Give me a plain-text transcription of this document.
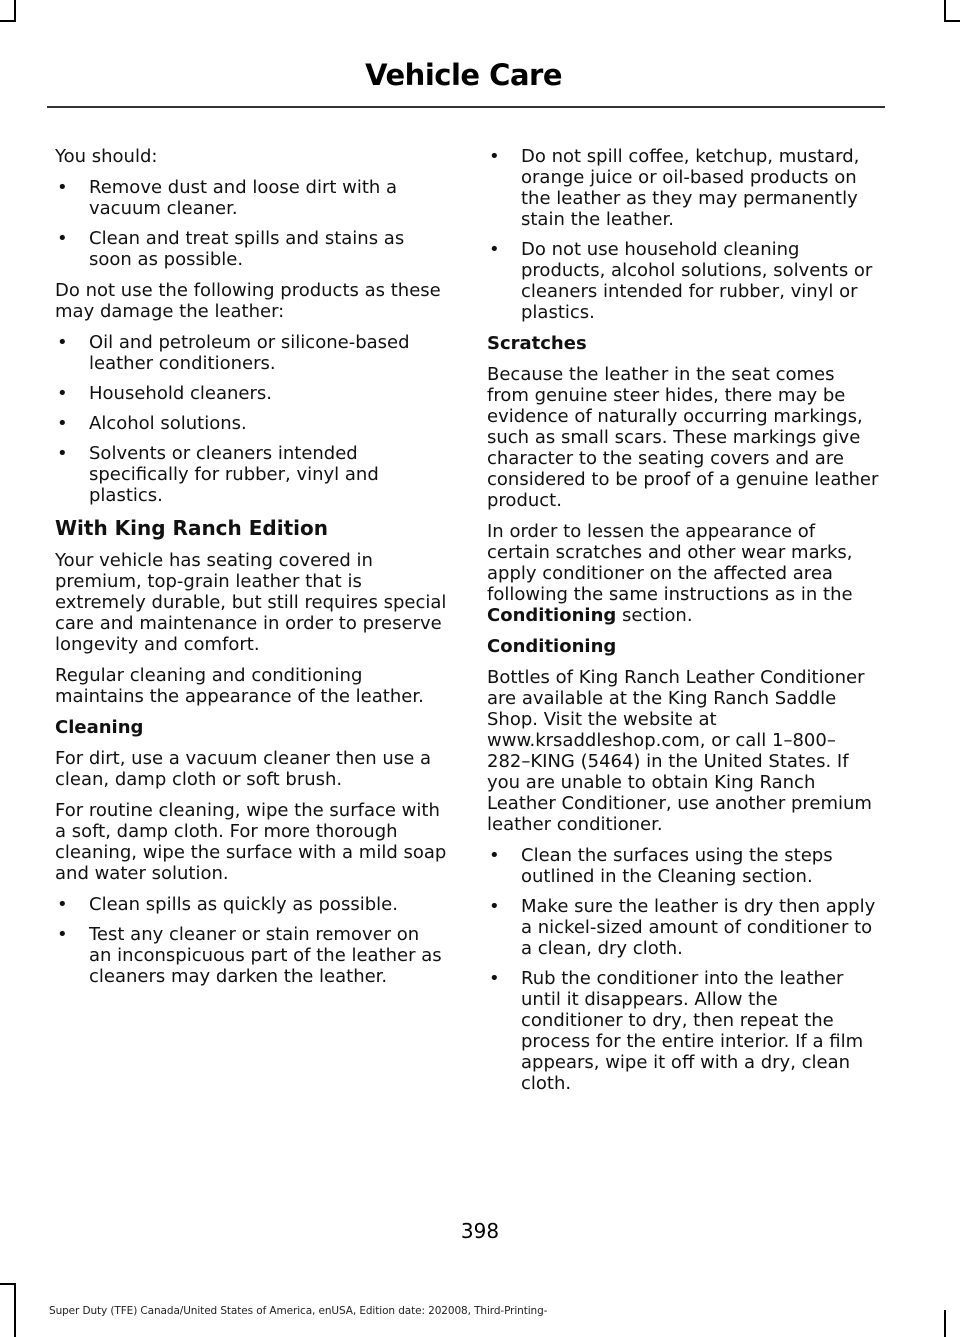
Vehicle Care

You should:

• Remove dust and loose dirt with a vacuum cleaner.
• Clean and treat spills and stains as soon as possible.

Do not use the following products as these may damage the leather:

• Oil and petroleum or silicone-based leather conditioners.
• Household cleaners.
• Alcohol solutions.
• Solvents or cleaners intended specifically for rubber, vinyl and plastics.
With King Ranch Edition

Your vehicle has seating covered in premium, top-grain leather that is extremely durable, but still requires special care and maintenance in order to preserve longevity and comfort.

Regular cleaning and conditioning maintains the appearance of the leather.

Cleaning

For dirt, use a vacuum cleaner then use a clean, damp cloth or soft brush.

For routine cleaning, wipe the surface with a soft, damp cloth. For more thorough cleaning, wipe the surface with a mild soap and water solution.

• Clean spills as quickly as possible.
• Test any cleaner or stain remover on an inconspicuous part of the leather as cleaners may darken the leather.
• Do not spill coffee, ketchup, mustard, orange juice or oil-based products on the leather as they may permanently stain the leather.
• Do not use household cleaning products, alcohol solutions, solvents or cleaners intended for rubber, vinyl or plastics.
Scratches

Because the leather in the seat comes from genuine steer hides, there may be evidence of naturally occurring markings, such as small scars. These markings give character to the seating covers and are considered to be proof of a genuine leather product.

In order to lessen the appearance of certain scratches and other wear marks, apply conditioner on the affected area following the same instructions as in the Conditioning section.

Conditioning

Bottles of King Ranch Leather Conditioner are available at the King Ranch Saddle Shop. Visit the website at www.krsaddleshop.com, or call 1–800–282–KING (5464) in the United States. If you are unable to obtain King Ranch Leather Conditioner, use another premium leather conditioner.

• Clean the surfaces using the steps outlined in the Cleaning section.
• Make sure the leather is dry then apply a nickel-sized amount of conditioner to a clean, dry cloth.
• Rub the conditioner into the leather until it disappears. Allow the conditioner to dry, then repeat the process for the entire interior. If a film appears, wipe it off with a dry, clean cloth.
398
Super Duty (TFE) Canada/United States of America, enUSA, Edition date: 202008, Third-Printing-
